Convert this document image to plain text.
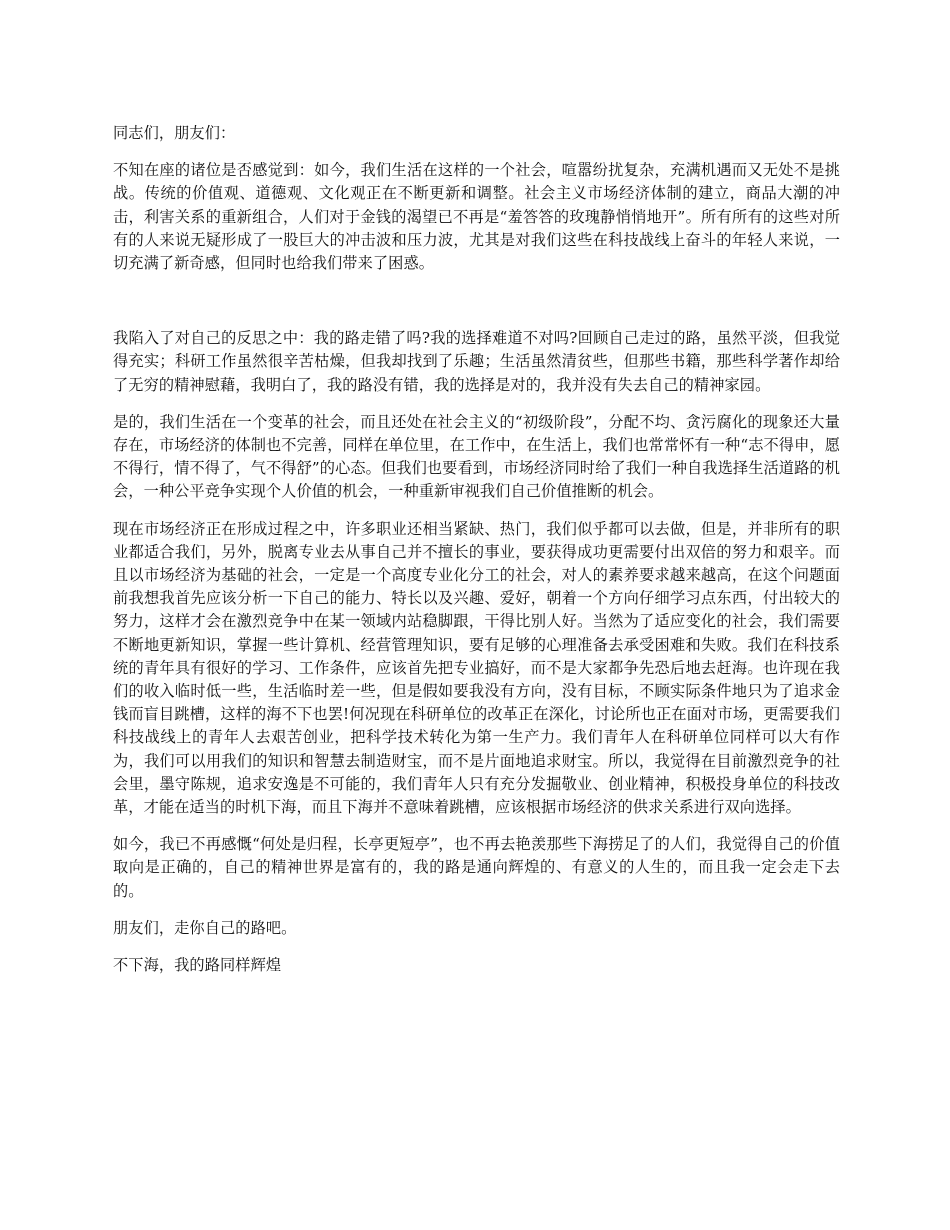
同志们，朋友们：

不知在座的诸位是否感觉到：如今，我们生活在这样的一个社会，喧嚣纷扰复杂，充满机遇而又无处不是挑战。传统的价值观、道德观、文化观正在不断更新和调整。社会主义市场经济体制的建立，商品大潮的冲击，利害关系的重新组合，人们对于金钱的渴望已不再是“羞答答的玫瑰静悄悄地开”。所有所有的这些对所有的人来说无疑形成了一股巨大的冲击波和压力波，尤其是对我们这些在科技战线上奋斗的年轻人来说，一切充满了新奇感，但同时也给我们带来了困惑。

我陷入了对自己的反思之中：我的路走错了吗?我的选择难道不对吗?回顾自己走过的路，虽然平淡，但我觉得充实；科研工作虽然很辛苦枯燥，但我却找到了乐趣；生活虽然清贫些，但那些书籍，那些科学著作却给了无穷的精神慰藉，我明白了，我的路没有错，我的选择是对的，我并没有失去自己的精神家园。

是的，我们生活在一个变革的社会，而且还处在社会主义的“初级阶段”，分配不均、贪污腐化的现象还大量存在，市场经济的体制也不完善，同样在单位里，在工作中，在生活上，我们也常常怀有一种“志不得申，愿不得行，情不得了，气不得舒”的心态。但我们也要看到，市场经济同时给了我们一种自我选择生活道路的机会，一种公平竞争实现个人价值的机会，一种重新审视我们自己价值推断的机会。

现在市场经济正在形成过程之中，许多职业还相当紧缺、热门，我们似乎都可以去做，但是，并非所有的职业都适合我们，另外，脱离专业去从事自己并不擅长的事业，要获得成功更需要付出双倍的努力和艰辛。而且以市场经济为基础的社会，一定是一个高度专业化分工的社会，对人的素养要求越来越高，在这个问题面前我想我首先应该分析一下自己的能力、特长以及兴趣、爱好，朝着一个方向仔细学习点东西，付出较大的努力，这样才会在激烈竞争中在某一领域内站稳脚跟，干得比别人好。当然为了适应变化的社会，我们需要不断地更新知识，掌握一些计算机、经营管理知识，要有足够的心理准备去承受困难和失败。我们在科技系统的青年具有很好的学习、工作条件，应该首先把专业搞好，而不是大家都争先恐后地去赶海。也许现在我们的收入临时低一些，生活临时差一些，但是假如要我没有方向，没有目标，不顾实际条件地只为了追求金钱而盲目跳槽，这样的海不下也罢!何况现在科研单位的改革正在深化，讨论所也正在面对市场，更需要我们科技战线上的青年人去艰苦创业，把科学技术转化为第一生产力。我们青年人在科研单位同样可以大有作为，我们可以用我们的知识和智慧去制造财宝，而不是片面地追求财宝。所以，我觉得在目前激烈竞争的社会里，墨守陈规，追求安逸是不可能的，我们青年人只有充分发掘敬业、创业精神，积极投身单位的科技改革，才能在适当的时机下海，而且下海并不意味着跳槽，应该根据市场经济的供求关系进行双向选择。

如今，我已不再感慨“何处是归程，长亭更短亭”，也不再去艳羡那些下海捞足了的人们，我觉得自己的价值取向是正确的，自己的精神世界是富有的，我的路是通向辉煌的、有意义的人生的，而且我一定会走下去的。

朋友们，走你自己的路吧。

不下海，我的路同样辉煌
